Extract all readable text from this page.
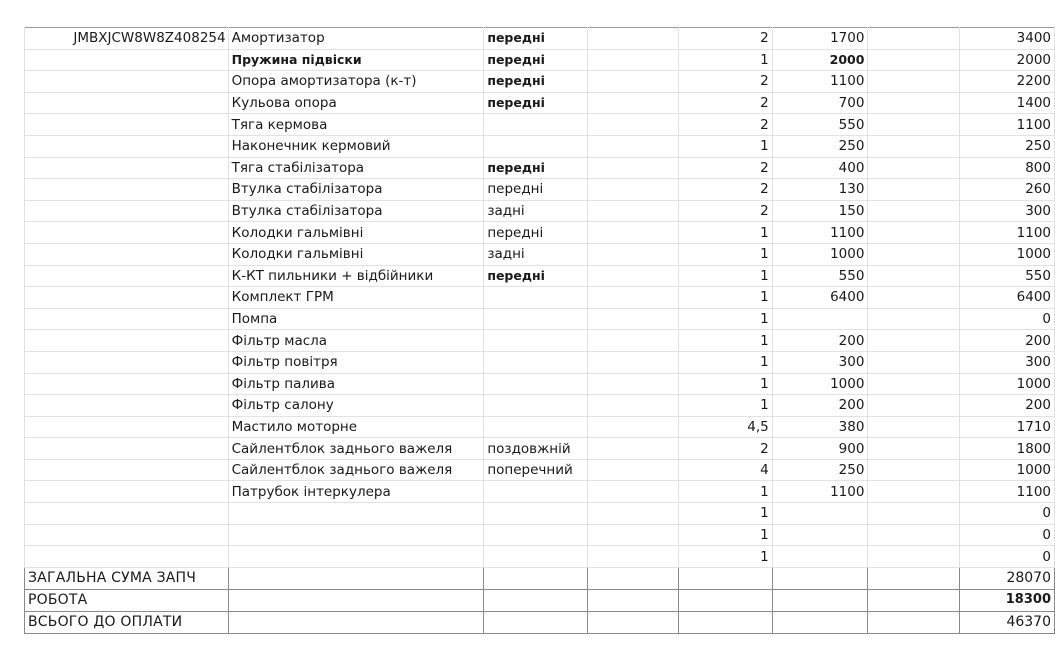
JMBXJCW8W8Z408254	Амортизатор	передні		2	1700		3400
	Пружина підвіски	передні		1	2000		2000
	Опора амортизатора (к-т)	передні		2	1100		2200
	Кульова опора	передні		2	700		1400
	Тяга кермова			2	550		1100
	Наконечник кермовий			1	250		250
	Тяга стабілізатора	передні		2	400		800
	Втулка стабілізатора	передні		2	130		260
	Втулка стабілізатора	задні		2	150		300
	Колодки гальмівні	передні		1	1100		1100
	Колодки гальмівні	задні		1	1000		1000
	К-КТ пильники + відбійники	передні		1	550		550
	Комплект ГРМ			1	6400		6400
	Помпа			1			0
	Фільтр масла			1	200		200
	Фільтр повітря			1	300		300
	Фільтр палива			1	1000		1000
	Фільтр салону			1	200		200
	Мастило моторне			4,5	380		1710
	Сайлентблок заднього важеля	поздовжній		2	900		1800
	Сайлентблок заднього важеля	поперечний		4	250		1000
	Патрубок інтеркулера			1	1100		1100
				1			0
				1			0
				1			0
ЗАГАЛЬНА СУМА ЗАПЧ							28070
РОБОТА							18300
ВСЬОГО ДО ОПЛАТИ							46370
